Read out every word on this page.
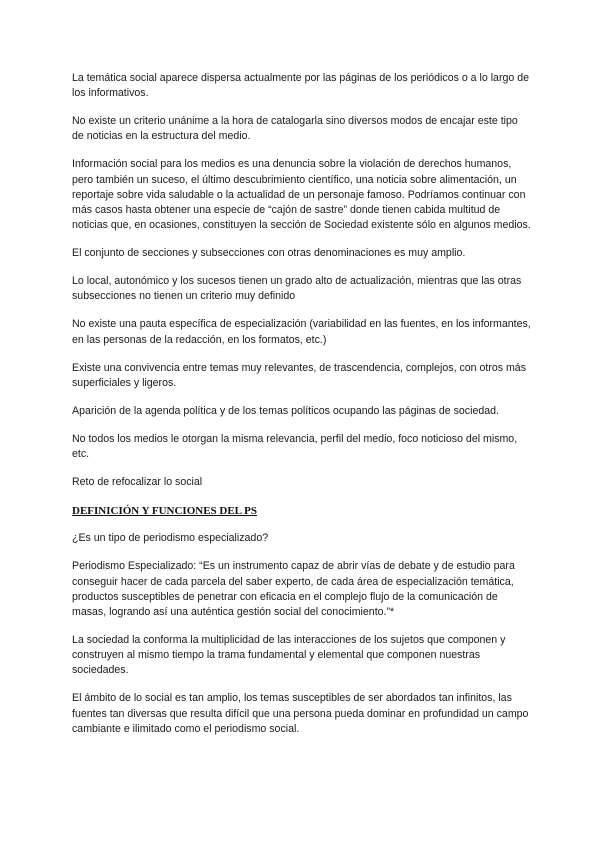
La temática social aparece dispersa actualmente por las páginas de los periódicos o a lo largo de los informativos.

No existe un criterio unánime a la hora de catalogarla sino diversos modos de encajar este tipo de noticias en la estructura del medio.

Información social para los medios es una denuncia sobre la violación de derechos humanos, pero también un suceso, el último descubrimiento científico, una noticia sobre alimentación, un reportaje sobre vida saludable o la actualidad de un personaje famoso. Podríamos continuar con más casos hasta obtener una especie de “cajón de sastre” donde tienen cabida multitud de noticias que, en ocasiones, constituyen la sección de Sociedad existente sólo en algunos medios.

El conjunto de secciones y subsecciones con otras denominaciones es muy amplio.

Lo local, autonómico y los sucesos tienen un grado alto de actualización, mientras que las otras subsecciones no tienen un criterio muy definido

No existe una pauta específica de especialización (variabilidad en las fuentes, en los informantes, en las personas de la redacción, en los formatos, etc.)

Existe una convivencia entre temas muy relevantes, de trascendencia, complejos, con otros más superficiales y ligeros.

Aparición de la agenda política y de los temas políticos ocupando las páginas de sociedad.

No todos los medios le otorgan la misma relevancia, perfil del medio, foco noticioso del mismo, etc.

Reto de refocalizar lo social

DEFINICIÓN Y FUNCIONES DEL PS

¿Es un tipo de periodismo especializado?

Periodismo Especializado: “Es un instrumento capaz de abrir vías de debate y de estudio para conseguir hacer de cada parcela del saber experto, de cada área de especialización temática, productos susceptibles de penetrar con eficacia en el complejo flujo de la comunicación de masas, logrando así una auténtica gestión social del conocimiento.”*

La sociedad la conforma la multiplicidad de las interacciones de los sujetos que componen y construyen al mismo tiempo la trama fundamental y elemental que componen nuestras sociedades.

El ámbito de lo social es tan amplio, los temas susceptibles de ser abordados tan infinitos, las fuentes tan diversas que resulta difícil que una persona pueda dominar en profundidad un campo cambiante e ilimitado como el periodismo social.
